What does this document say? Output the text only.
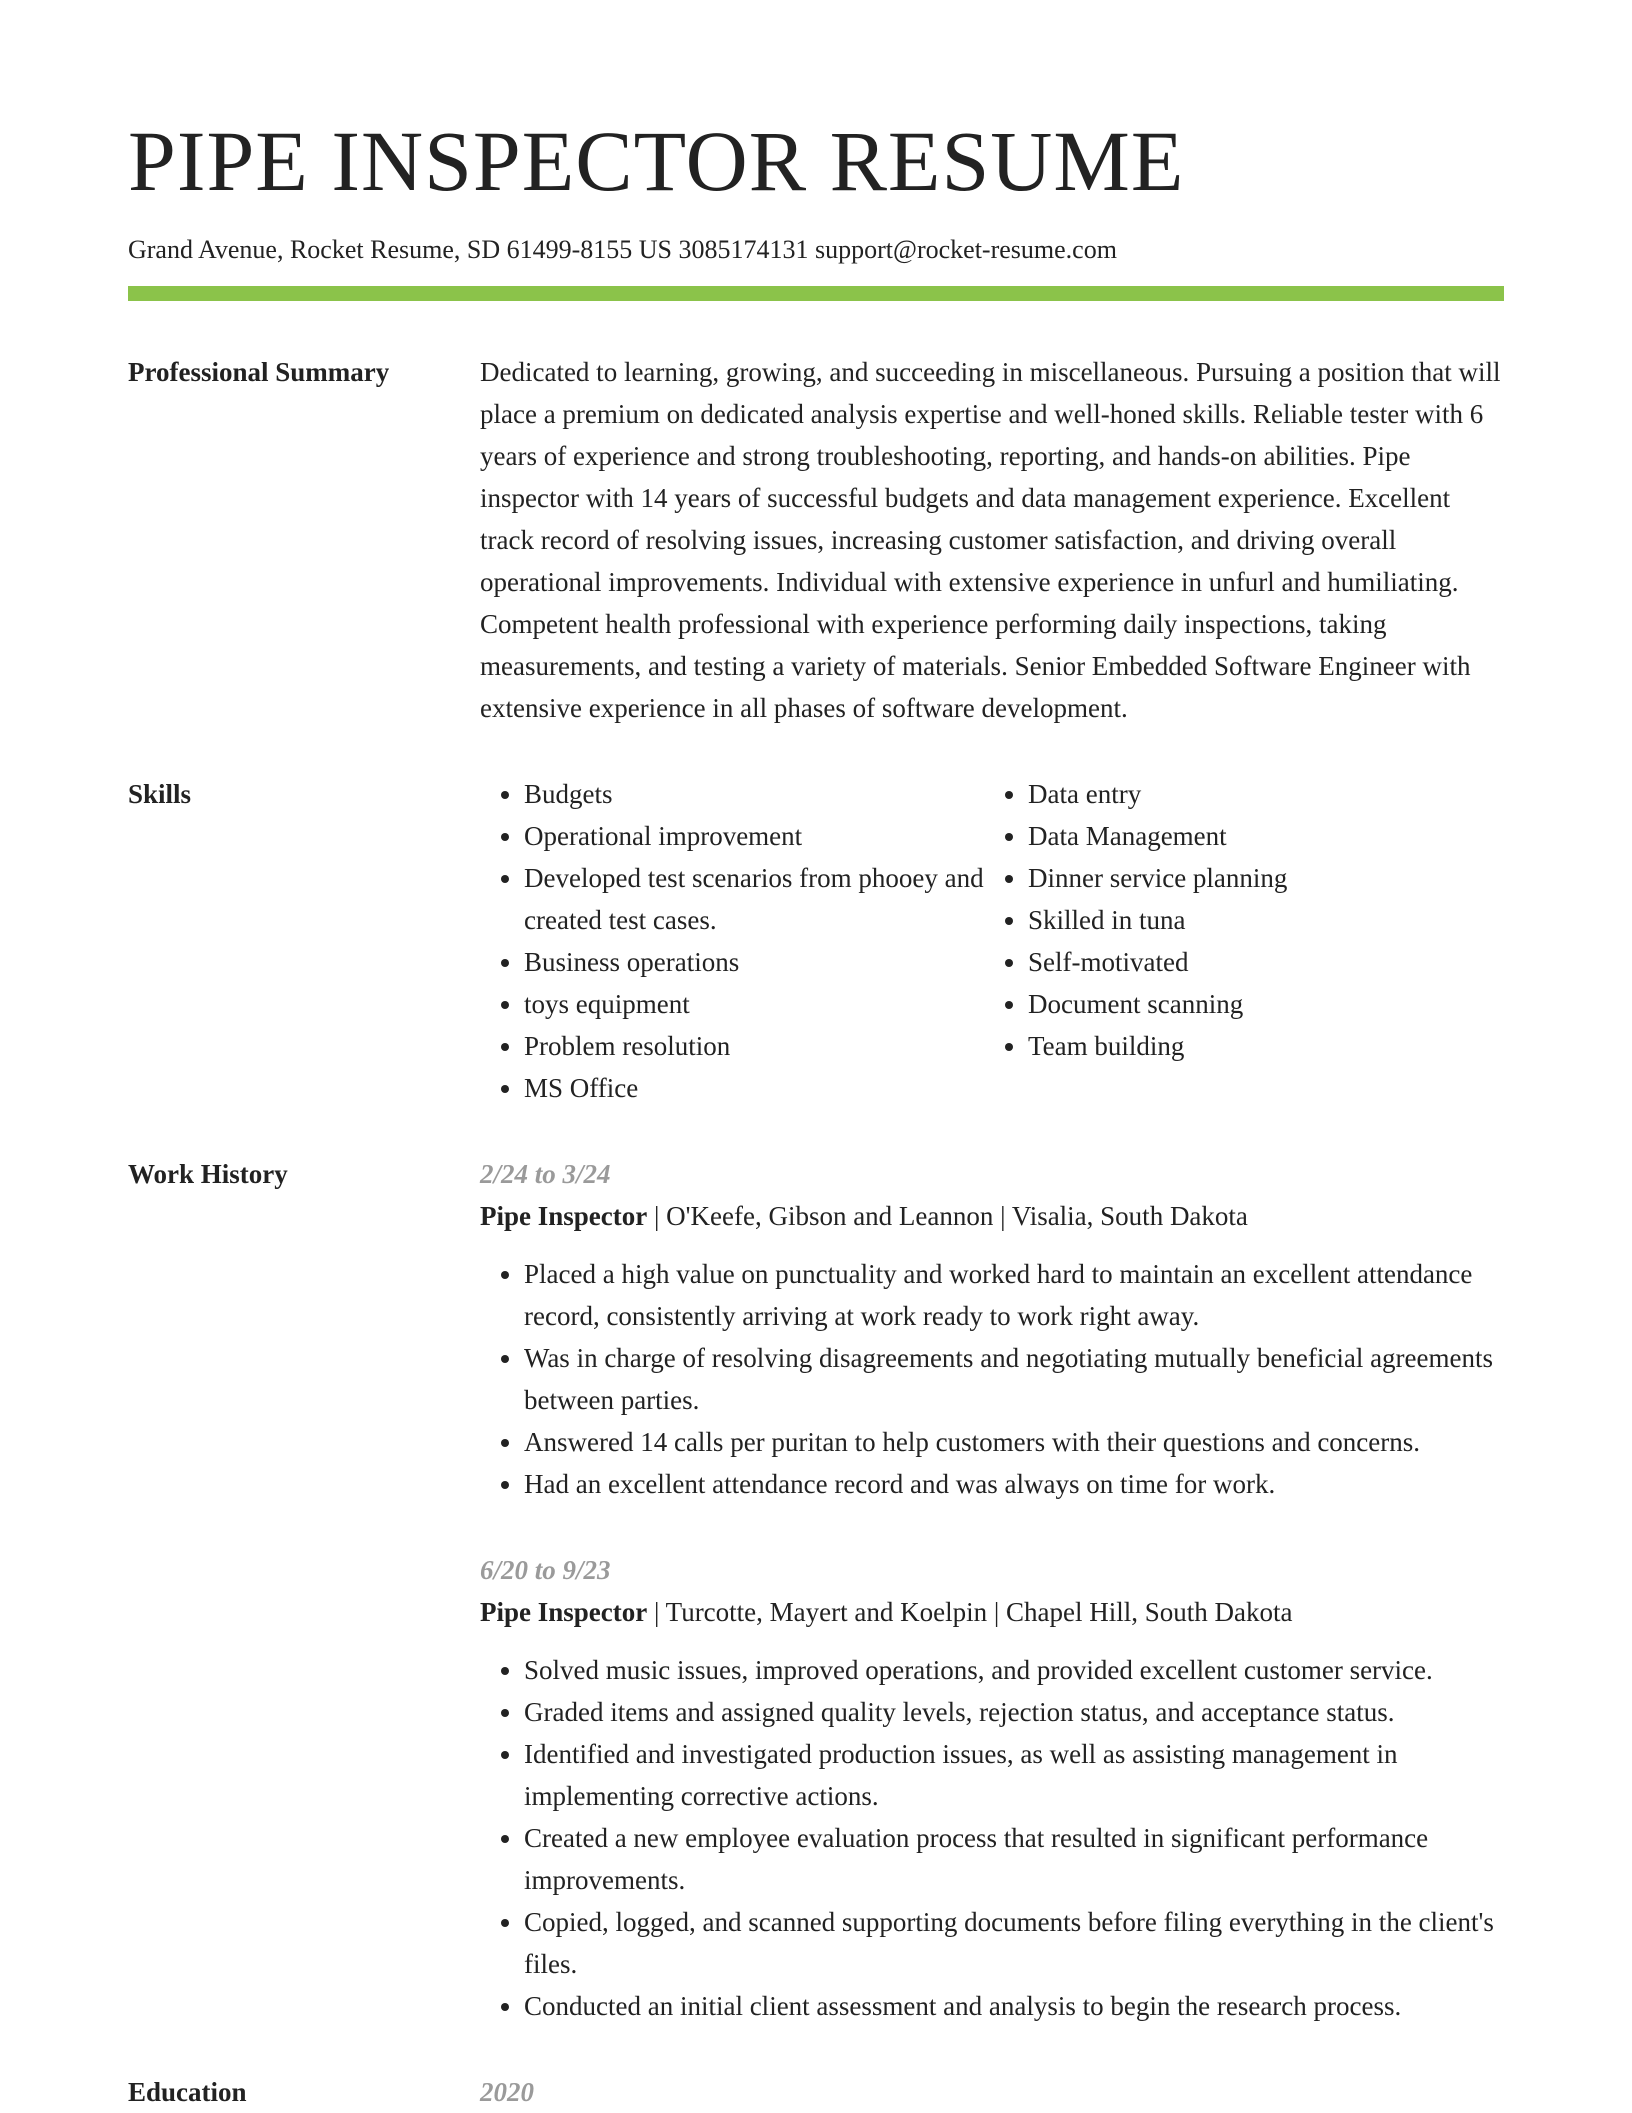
PIPE INSPECTOR RESUME
Grand Avenue, Rocket Resume, SD 61499-8155 US 3085174131 support@rocket-resume.com
Professional Summary	Dedicated to learning, growing, and succeeding in miscellaneous. Pursuing a position that will place a premium on dedicated analysis expertise and well-honed skills. Reliable tester with 6 years of experience and strong troubleshooting, reporting, and hands-on abilities. Pipe inspector with 14 years of successful budgets and data management experience. Excellent track record of resolving issues, increasing customer satisfaction, and driving overall operational improvements. Individual with extensive experience in unfurl and humiliating. Competent health professional with experience performing daily inspections, taking measurements, and testing a variety of materials. Senior Embedded Software Engineer with extensive experience in all phases of software development.

Skills
•	Budgets
• Operational improvement
• Developed test scenarios from phooey and created test cases.
• Business operations
• toys equipment
• Problem resolution
• MS Office
• Data entry
• Data Management
• Dinner service planning
• Skilled in tuna
• Self-motivated
• Document scanning
• Team building
Work History	2/24 to 3/24
Pipe Inspector | O'Keefe, Gibson and Leannon | Visalia, South Dakota
• Placed a high value on punctuality and worked hard to maintain an excellent attendance record, consistently arriving at work ready to work right away.
• Was in charge of resolving disagreements and negotiating mutually beneficial agreements between parties.
• Answered 14 calls per puritan to help customers with their questions and concerns.
• Had an excellent attendance record and was always on time for work.
6/20 to 9/23
Pipe Inspector | Turcotte, Mayert and Koelpin | Chapel Hill, South Dakota
• Solved music issues, improved operations, and provided excellent customer service.
• Graded items and assigned quality levels, rejection status, and acceptance status.
• Identified and investigated production issues, as well as assisting management in implementing corrective actions.
• Created a new employee evaluation process that resulted in significant performance improvements.
• Copied, logged, and scanned supporting documents before filing everything in the client's files.
• Conducted an initial client assessment and analysis to begin the research process.
Education	2020
